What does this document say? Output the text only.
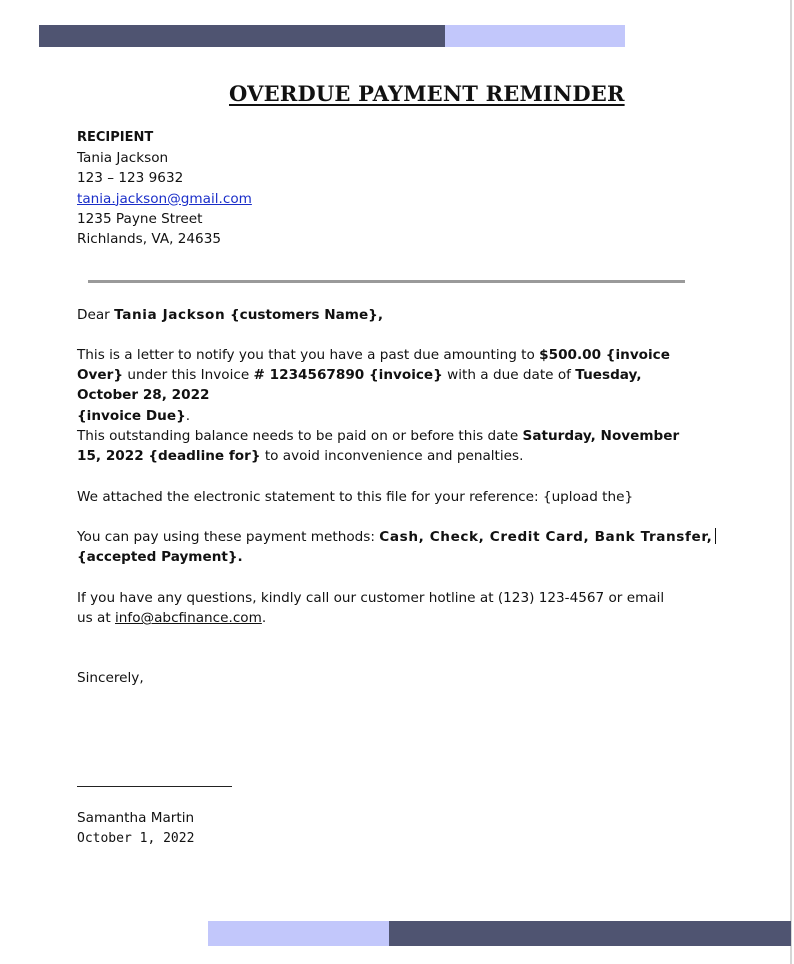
OVERDUE PAYMENT REMINDER
RECIPIENT
Tania Jackson
123 – 123 9632
tania.jackson@gmail.com
1235 Payne Street
Richlands, VA, 24635
Dear Tania Jackson {customers Name},
This is a letter to notify you that you have a past due amounting to $500.00 {invoice Over} under this Invoice # 1234567890 {invoice} with a due date of Tuesday, October 28, 2022
{invoice Due}.
This outstanding balance needs to be paid on or before this date Saturday, November 15, 2022 {deadline for} to avoid inconvenience and penalties.
We attached the electronic statement to this file for your reference: {upload the}
You can pay using these payment methods: Cash, Check, Credit Card, Bank Transfer,
{accepted Payment}.
If you have any questions, kindly call our customer hotline at (123) 123-4567 or email
us at info@abcfinance.com.
Sincerely,
Samantha Martin
October 1, 2022
